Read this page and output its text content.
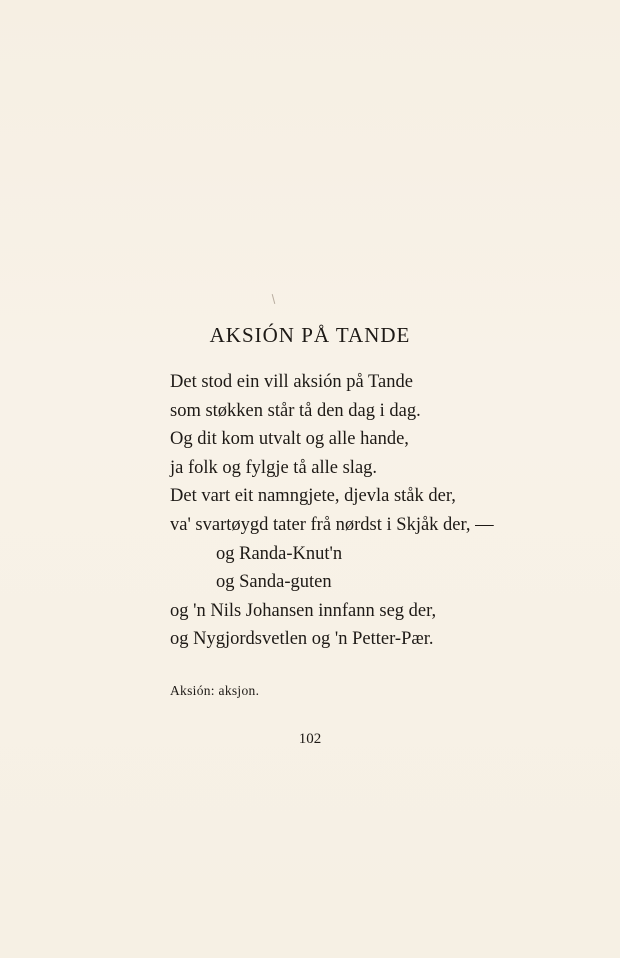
AKSIÓN PÅ TANDE
Det stod ein vill aksión på Tande
som støkken står tå den dag i dag.
Og dit kom utvalt og alle hande,
ja folk og fylgje tå alle slag.
Det vart eit namngjete, djevla ståk der,
va' svartøygd tater frå nørdst i Skjåk der, —
og Randa-Knut'n
og Sanda-guten
og 'n Nils Johansen innfann seg der,
og Nygjordsvetlen og 'n Petter-Pær.
Aksión: aksjon.
102
